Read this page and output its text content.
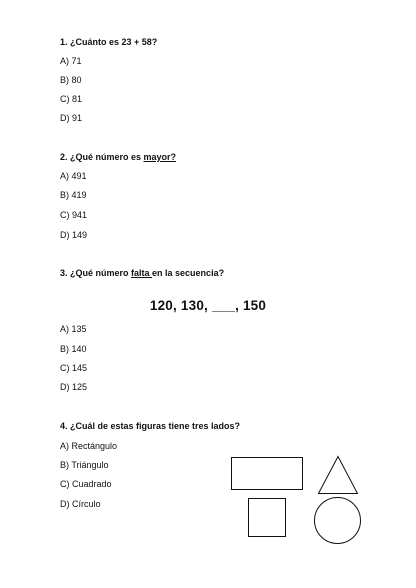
1. ¿Cuánto es 23 + 58?
A) 71
B) 80
C) 81
D) 91
2. ¿Qué número es mayor?
A) 491
B) 419
C) 941
D) 149
3. ¿Qué número falta en la secuencia?
120, 130, ___, 150
A) 135
B) 140
C) 145
D) 125
4. ¿Cuál de estas figuras tiene tres lados?
A) Rectángulo
B) Triángulo
C) Cuadrado
D) Círculo
